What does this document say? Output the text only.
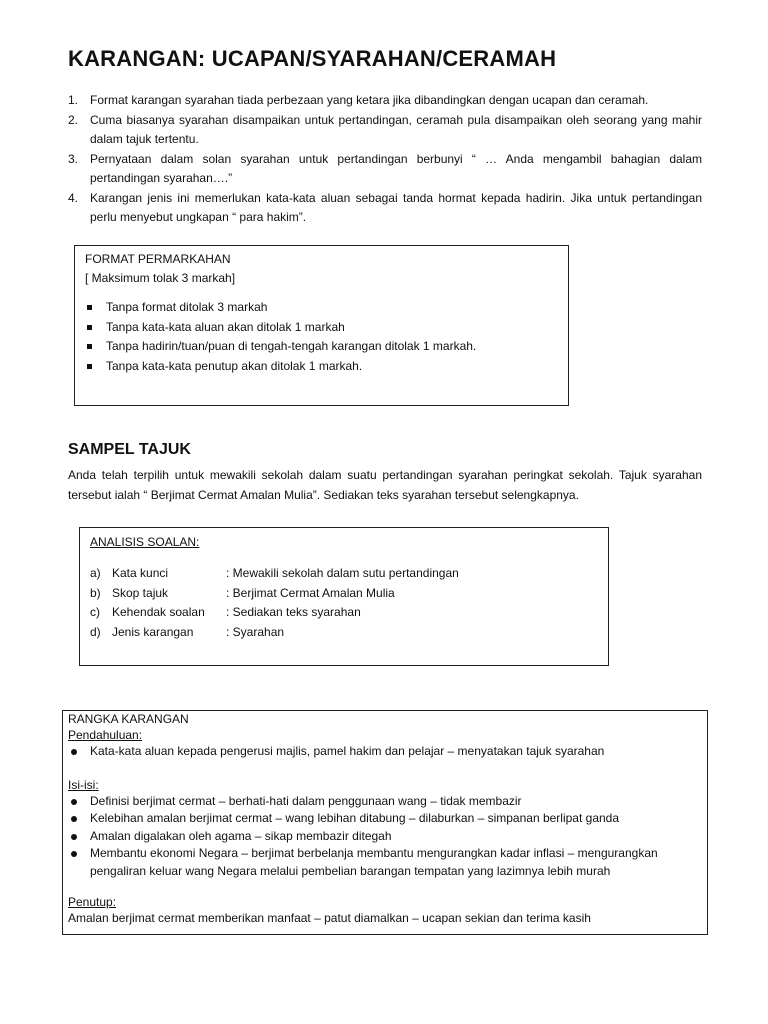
KARANGAN: UCAPAN/SYARAHAN/CERAMAH
1. Format karangan syarahan tiada perbezaan yang ketara jika dibandingkan dengan ucapan dan ceramah.
2. Cuma biasanya syarahan disampaikan untuk pertandingan, ceramah pula disampaikan oleh seorang yang mahir dalam tajuk tertentu.
3. Pernyataan dalam solan syarahan untuk pertandingan berbunyi “ … Anda mengambil bahagian dalam pertandingan syarahan….”
4. Karangan jenis ini memerlukan kata-kata aluan sebagai tanda hormat kepada hadirin. Jika untuk pertandingan perlu menyebut ungkapan “ para hakim”.
FORMAT PERMARKAHAN
[ Maksimum tolak 3 markah]
Tanpa format ditolak 3 markah
Tanpa kata-kata aluan akan ditolak 1 markah
Tanpa hadirin/tuan/puan di tengah-tengah karangan ditolak 1 markah.
Tanpa kata-kata penutup akan ditolak 1 markah.
SAMPEL TAJUK

Anda telah terpilih untuk mewakili sekolah dalam suatu pertandingan syarahan peringkat sekolah. Tajuk syarahan tersebut ialah “ Berjimat Cermat Amalan Mulia”. Sediakan teks syarahan tersebut selengkapnya.

ANALISIS SOALAN:
a)	Kata kunci	: Mewakili sekolah dalam sutu pertandingan
b)	Skop tajuk	: Berjimat Cermat Amalan Mulia
c)	Kehendak soalan	: Sediakan teks syarahan
d)	Jenis karangan	: Syarahan
RANGKA KARANGAN
Pendahuluan:
Kata-kata aluan kepada pengerusi majlis, pamel hakim dan pelajar – menyatakan tajuk syarahan
Isi-isi:
Definisi berjimat cermat – berhati-hati dalam penggunaan wang – tidak membazir
Kelebihan amalan berjimat cermat – wang lebihan ditabung – dilaburkan – simpanan berlipat ganda
Amalan digalakan oleh agama – sikap membazir ditegah
Membantu ekonomi Negara – berjimat berbelanja membantu mengurangkan kadar inflasi – mengurangkan pengaliran keluar wang Negara melalui pembelian barangan tempatan yang lazimnya lebih murah
Penutup:
Amalan berjimat cermat memberikan manfaat – patut diamalkan – ucapan sekian dan terima kasih
